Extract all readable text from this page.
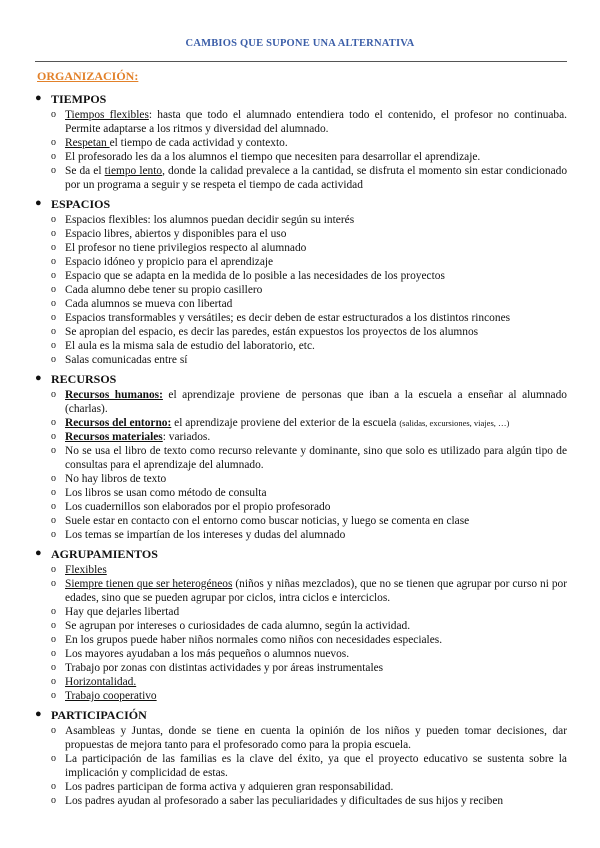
CAMBIOS QUE SUPONE UNA ALTERNATIVA
ORGANIZACIÓN:
● TIEMPOS
o Tiempos flexibles: hasta que todo el alumnado entendiera todo el contenido, el profesor no continuaba. Permite adaptarse a los ritmos y diversidad del alumnado.
o Respetan el tiempo de cada actividad y contexto.
o El profesorado les da a los alumnos el tiempo que necesiten para desarrollar el aprendizaje.
o Se da el tiempo lento, donde la calidad prevalece a la cantidad, se disfruta el momento sin estar condicionado por un programa a seguir y se respeta el tiempo de cada actividad
● ESPACIOS
o Espacios flexibles: los alumnos puedan decidir según su interés
o Espacio libres, abiertos y disponibles para el uso
o El profesor no tiene privilegios respecto al alumnado
o Espacio idóneo y propicio para el aprendizaje
o Espacio que se adapta en la medida de lo posible a las necesidades de los proyectos
o Cada alumno debe tener su propio casillero
o Cada alumnos se mueva con libertad
o Espacios transformables y versátiles; es decir deben de estar estructurados a los distintos rincones
o Se apropian del espacio, es decir las paredes, están expuestos los proyectos de los alumnos
o El aula es la misma sala de estudio del laboratorio, etc.
o Salas comunicadas entre sí
● RECURSOS
o Recursos humanos: el aprendizaje proviene de personas que iban a la escuela a enseñar al alumnado (charlas).
o Recursos del entorno: el aprendizaje proviene del exterior de la escuela (salidas, excursiones, viajes, …)
o Recursos materiales: variados.
o No se usa el libro de texto como recurso relevante y dominante, sino que solo es utilizado para algún tipo de consultas para el aprendizaje del alumnado.
o No hay libros de texto
o Los libros se usan como método de consulta
o Los cuadernillos son elaborados por el propio profesorado
o Suele estar en contacto con el entorno como buscar noticias, y luego se comenta en clase
o Los temas se impartían de los intereses y dudas del alumnado
● AGRUPAMIENTOS
o Flexibles
o Siempre tienen que ser heterogéneos (niños y niñas mezclados), que no se tienen que agrupar por curso ni por edades, sino que se pueden agrupar por ciclos, intra ciclos e interciclos.
o Hay que dejarles libertad
o Se agrupan por intereses o curiosidades de cada alumno, según la actividad.
o En los grupos puede haber niños normales como niños con necesidades especiales.
o Los mayores ayudaban a los más pequeños o alumnos nuevos.
o Trabajo por zonas con distintas actividades y por áreas instrumentales
o Horizontalidad.
o Trabajo cooperativo
● PARTICIPACIÓN
o Asambleas y Juntas, donde se tiene en cuenta la opinión de los niños y pueden tomar decisiones, dar propuestas de mejora tanto para el profesorado como para la propia escuela.
o La participación de las familias es la clave del éxito, ya que el proyecto educativo se sustenta sobre la implicación y complicidad de estas.
o Los padres participan de forma activa y adquieren gran responsabilidad.
o Los padres ayudan al profesorado a saber las peculiaridades y dificultades de sus hijos y reciben
